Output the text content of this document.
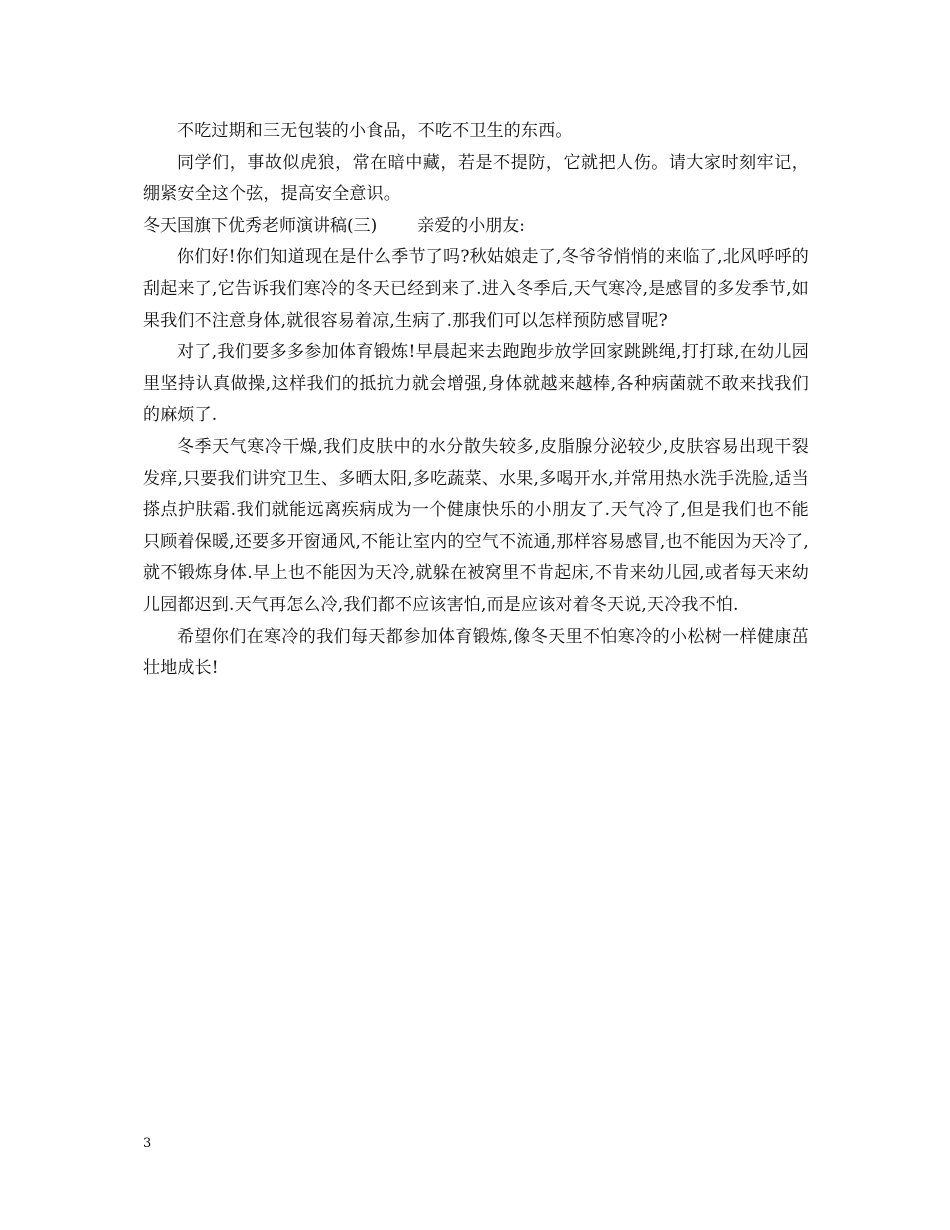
不吃过期和三无包装的小食品，不吃不卫生的东西。

同学们，事故似虎狼，常在暗中藏，若是不提防，它就把人伤。请大家时刻牢记，绷紧安全这个弦，提高安全意识。

冬天国旗下优秀老师演讲稿(三) 亲爱的小朋友:

你们好!你们知道现在是什么季节了吗?秋姑娘走了,冬爷爷悄悄的来临了,北风呼呼的刮起来了,它告诉我们寒冷的冬天已经到来了.进入冬季后,天气寒冷,是感冒的多发季节,如果我们不注意身体,就很容易着凉,生病了.那我们可以怎样预防感冒呢?

对了,我们要多多参加体育锻炼!早晨起来去跑跑步放学回家跳跳绳,打打球,在幼儿园里坚持认真做操,这样我们的抵抗力就会增强,身体就越来越棒,各种病菌就不敢来找我们的麻烦了.

冬季天气寒冷干燥,我们皮肤中的水分散失较多,皮脂腺分泌较少,皮肤容易出现干裂发痒,只要我们讲究卫生、多晒太阳,多吃蔬菜、水果,多喝开水,并常用热水洗手洗脸,适当搽点护肤霜.我们就能远离疾病成为一个健康快乐的小朋友了.天气冷了,但是我们也不能只顾着保暖,还要多开窗通风,不能让室内的空气不流通,那样容易感冒,也不能因为天冷了,就不锻炼身体.早上也不能因为天冷,就躲在被窝里不肯起床,不肯来幼儿园,或者每天来幼儿园都迟到.天气再怎么冷,我们都不应该害怕,而是应该对着冬天说,天冷我不怕.

希望你们在寒冷的我们每天都参加体育锻炼,像冬天里不怕寒冷的小松树一样健康茁壮地成长!

3
